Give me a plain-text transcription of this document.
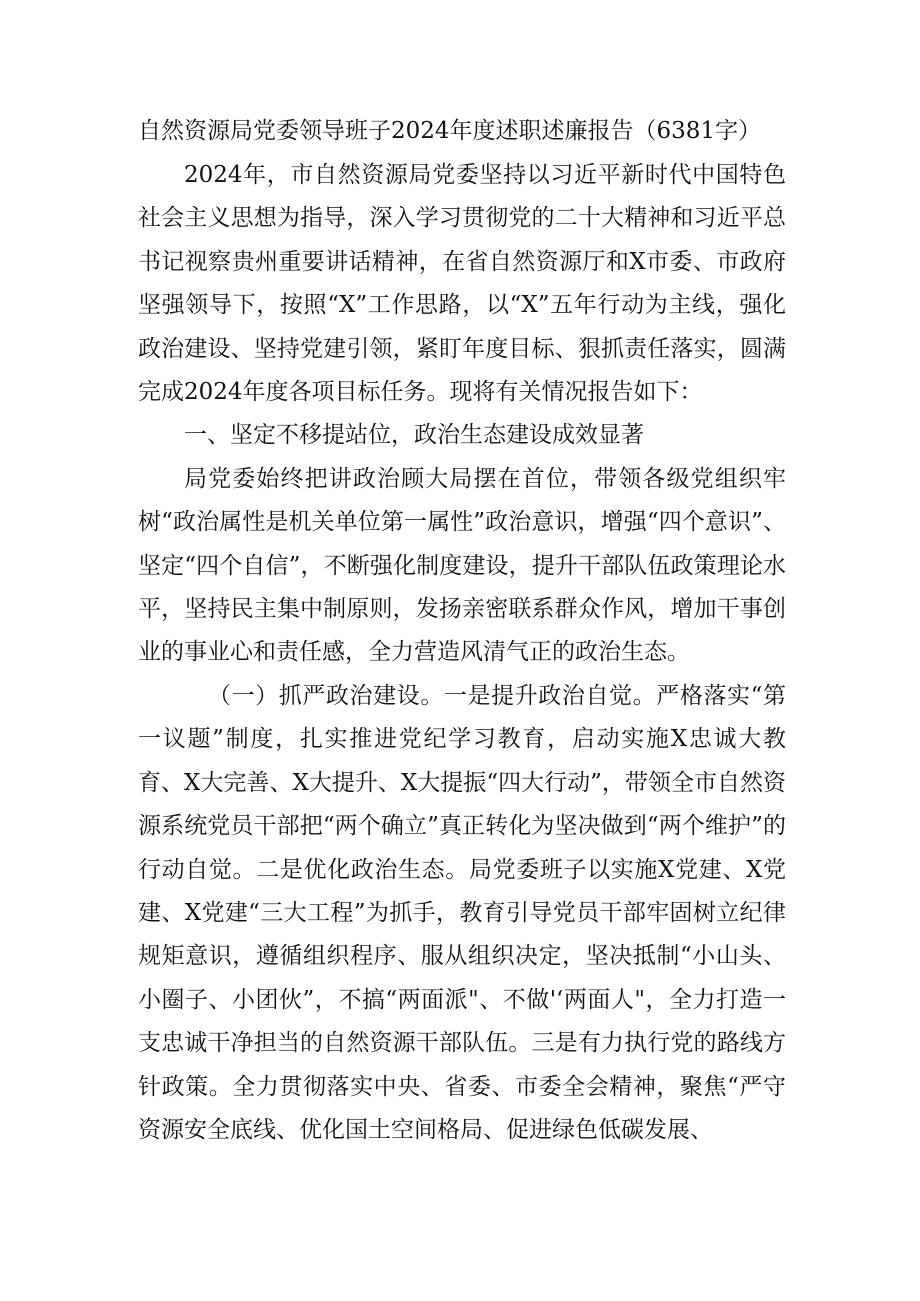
自然资源局党委领导班子2024年度述职述廉报告（6381字）

2024年，市自然资源局党委坚持以习近平新时代中国特色社会主义思想为指导，深入学习贯彻党的二十大精神和习近平总书记视察贵州重要讲话精神，在省自然资源厅和X市委、市政府坚强领导下，按照“X”工作思路，以“X”五年行动为主线，强化政治建设、坚持党建引领，紧盯年度目标、狠抓责任落实，圆满完成2024年度各项目标任务。现将有关情况报告如下：

一、坚定不移提站位，政治生态建设成效显著

局党委始终把讲政治顾大局摆在首位，带领各级党组织牢树“政治属性是机关单位第一属性”政治意识，增强“四个意识”、坚定“四个自信”，不断强化制度建设，提升干部队伍政策理论水平，坚持民主集中制原则，发扬亲密联系群众作风，增加干事创业的事业心和责任感，全力营造风清气正的政治生态。

（一）抓严政治建设。一是提升政治自觉。严格落实“第一议题”制度，扎实推进党纪学习教育，启动实施X忠诚大教育、X大完善、X大提升、X大提振“四大行动”，带领全市自然资源系统党员干部把“两个确立”真正转化为坚决做到“两个维护”的行动自觉。二是优化政治生态。局党委班子以实施X党建、X党建、X党建“三大工程”为抓手，教育引导党员干部牢固树立纪律规矩意识，遵循组织程序、服从组织决定，坚决抵制“小山头、小圈子、小团伙”，不搞“两面派"、不做'‘两面人"，全力打造一支忠诚干净担当的自然资源干部队伍。三是有力执行党的路线方针政策。全力贯彻落实中央、省委、市委全会精神，聚焦“严守资源安全底线、优化国土空间格局、促进绿色低碳发展、
